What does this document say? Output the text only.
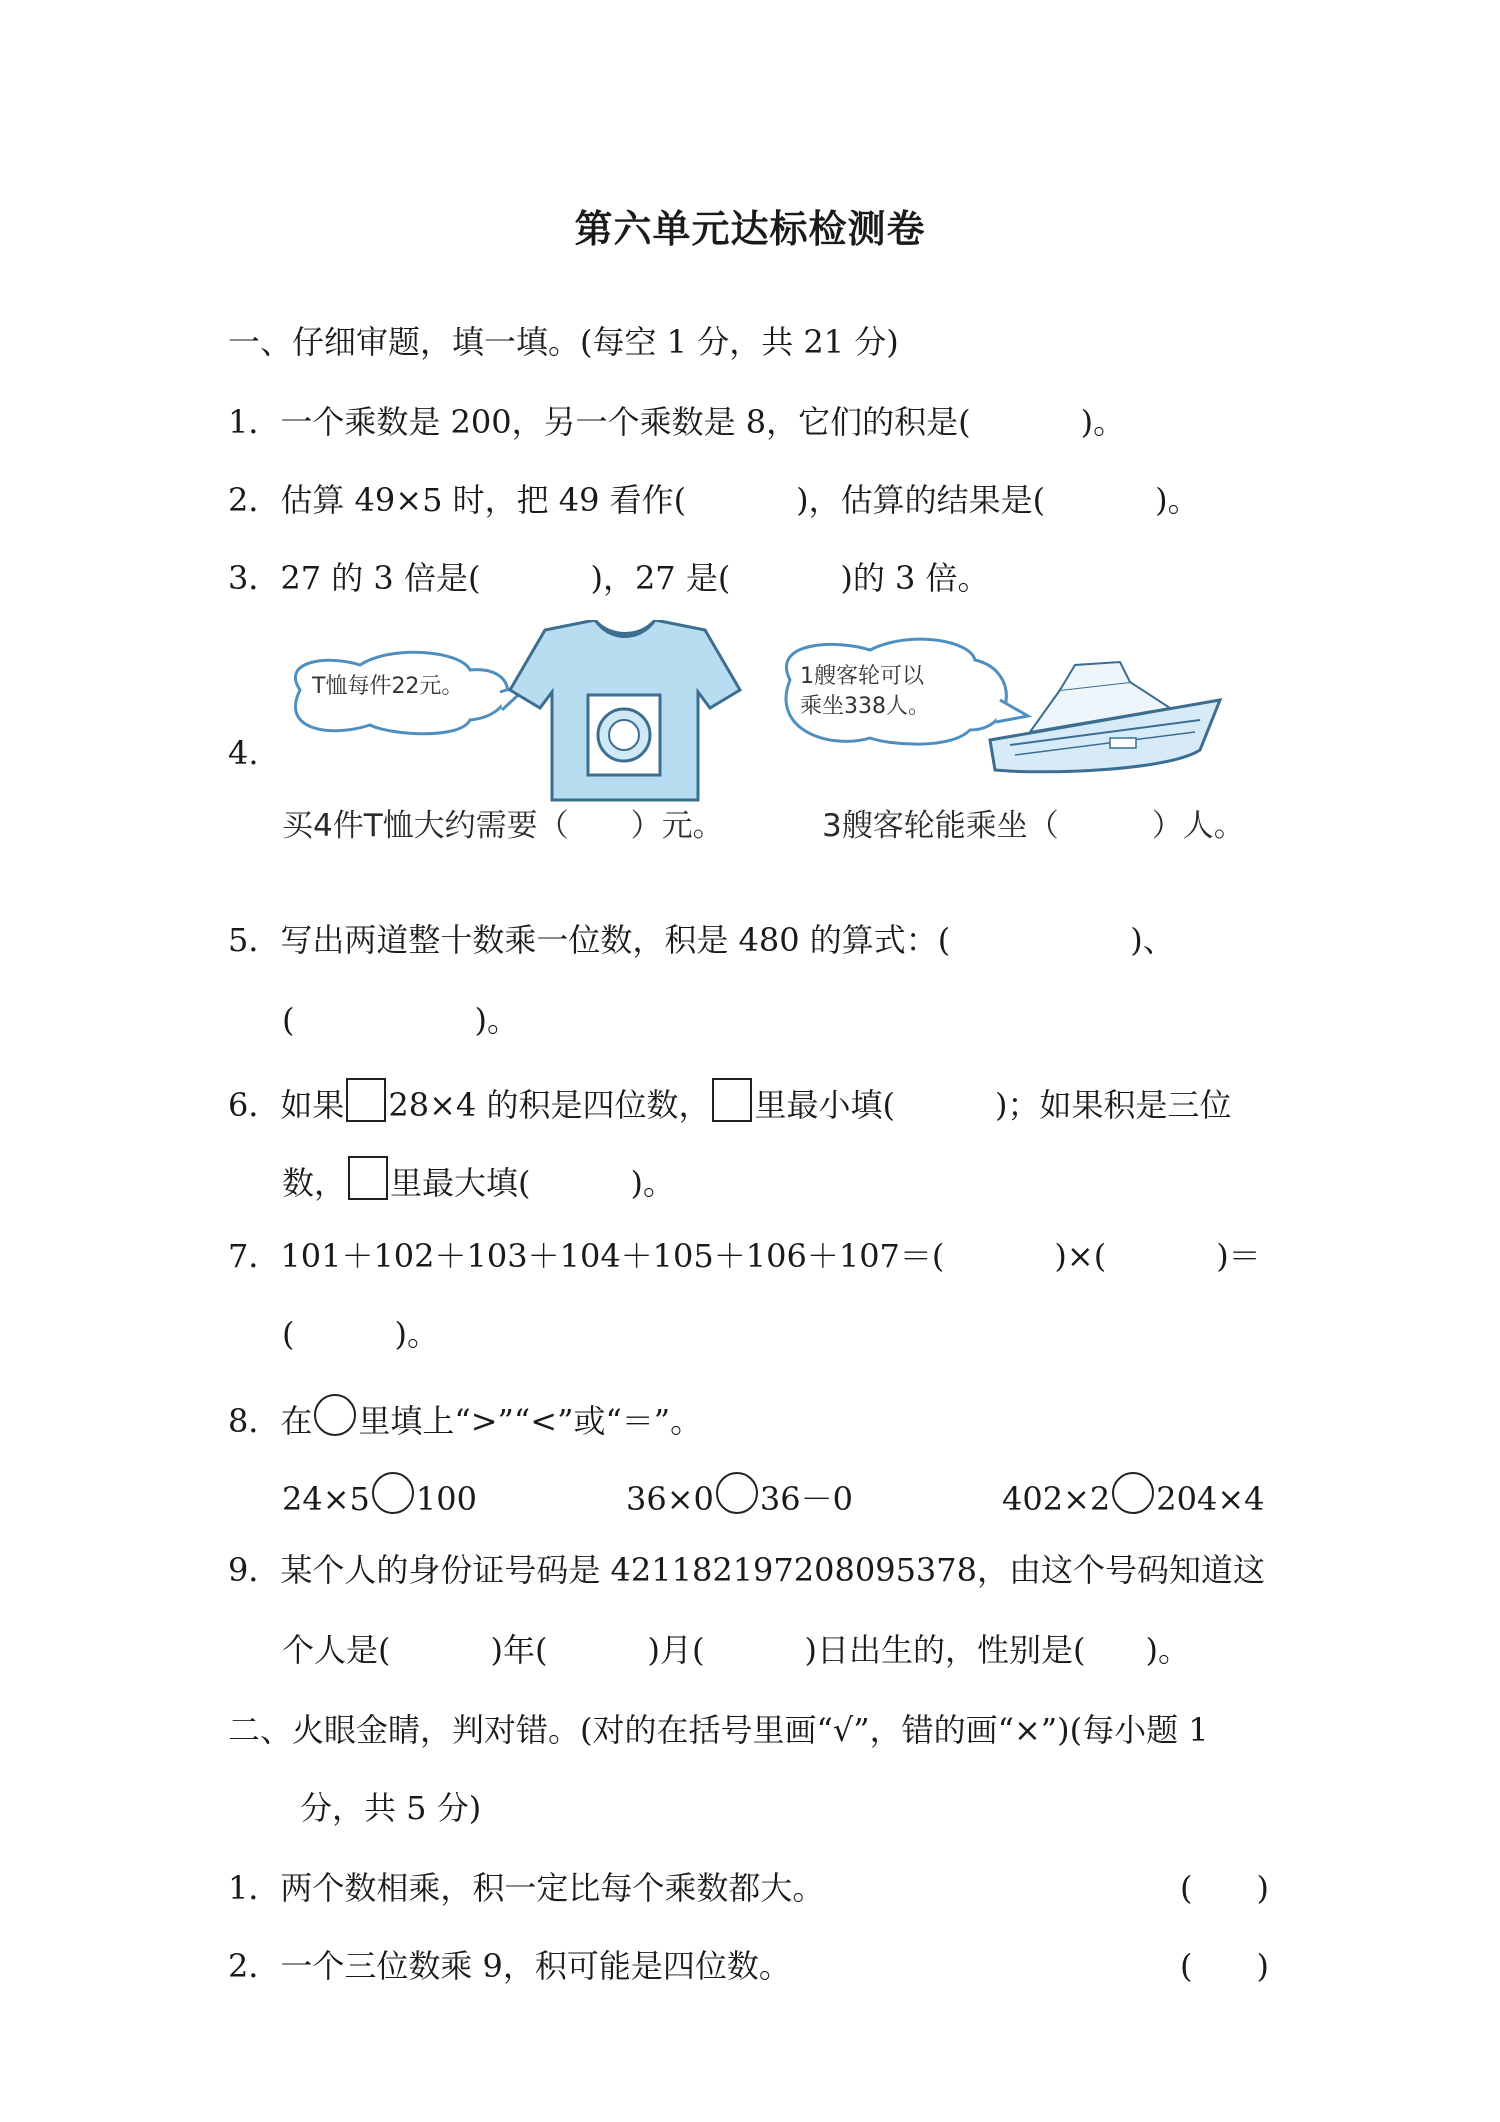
第六单元达标检测卷
一、仔细审题，填一填。(每空 1 分，共 21 分)
1．一个乘数是 200，另一个乘数是 8，它们的积是(	)。
2．估算 49×5 时，把 49 看作(	)，估算的结果是(	)。
3．27 的 3 倍是(	)，27 是(	)的 3 倍。
4.
T恤每件22元。	1艘客轮可以
乘坐338人。
买4件T恤大约需要（　　）元。	3艘客轮能乘坐（　　　）人。
5．写出两道整十数乘一位数，积是 480 的算式：(	)、
(	)。
6．如果 28×4 的积是四位数， 里最小填(	)；如果积是三位
数， 里最大填(	)。
7．101＋102＋103＋104＋105＋106＋107＝(	)×(	)＝
(	)。
8．在 里填上“>”“<”或“＝”。
24×5 100	36×0 36－0	402×2 204×4
9．某个人的身份证号码是 421182197208095378，由这个号码知道这
个人是(	)年(	)月(	)日出生的，性别是( )。
二、火眼金睛，判对错。(对的在括号里画“√”，错的画“×”)(每小题 1
分，共 5 分)
1．两个数相乘，积一定比每个乘数都大。	(　　)
2．一个三位数乘 9，积可能是四位数。	(　　)
